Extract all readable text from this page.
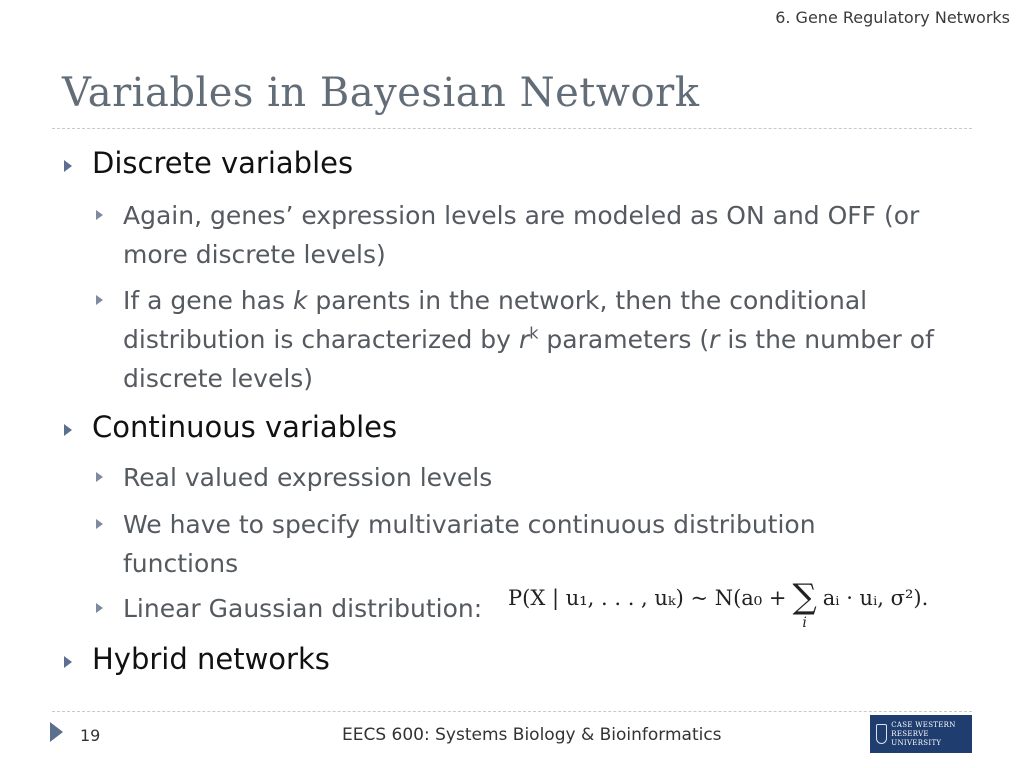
6. Gene Regulatory Networks
Variables in Bayesian Network
Discrete variables
Again, genes’ expression levels are modeled as ON and OFF (or more discrete levels)
If a gene has k parents in the network, then the conditional distribution is characterized by $r^k$ parameters (r is the number of discrete levels)
Continuous variables
Real valued expression levels
We have to specify multivariate continuous distribution functions
Linear Gaussian distribution:	P(X | u₁, . . . , uₖ) ~ N(a₀ + ∑
i
aᵢ · uᵢ, σ²).
Hybrid networks
19	EECS 600: Systems Biology & Bioinformatics
CASE WESTERN RESERVE
UNIVERSITY
